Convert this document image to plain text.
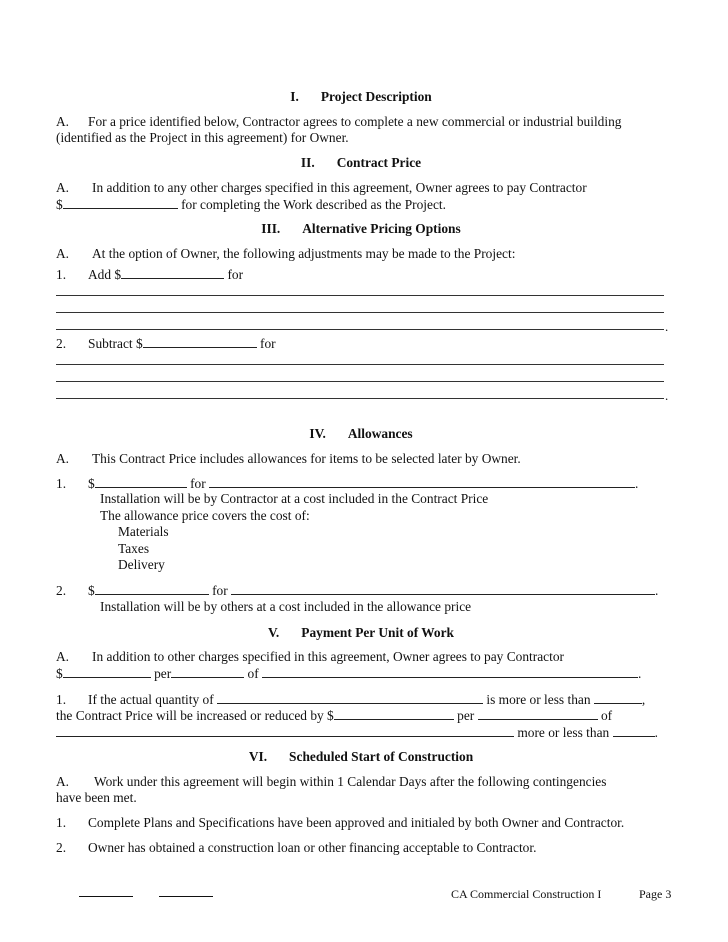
I. Project Description
A. For a price identified below, Contractor agrees to complete a new commercial or industrial building
(identified as the Project in this agreement) for Owner.
II. Contract Price
A. In addition to any other charges specified in this agreement, Owner agrees to pay Contractor
$	for completing the Work described as the Project.
III. Alternative Pricing Options
A. At the option of Owner, the following adjustments may be made to the Project:
1. Add $	for
.
2. Subtract $	for
.
IV. Allowances
A. This Contract Price includes allowances for items to be selected later by Owner.
1. $	for	.
Installation will be by Contractor at a cost included in the Contract Price
The allowance price covers the cost of:
Materials
Taxes
Delivery
2. $	for	.
Installation will be by others at a cost included in the allowance price
V. Payment Per Unit of Work
A. In addition to other charges specified in this agreement, Owner agrees to pay Contractor
$	per	of	.
1. If the actual quantity of	is more or less than	,
the Contract Price will be increased or reduced by $	per	of
more or less than	.
VI. Scheduled Start of Construction
A. Work under this agreement will begin within 1 Calendar Days after the following contingencies
have been met.
1. Complete Plans and Specifications have been approved and initialed by both Owner and Contractor.
2. Owner has obtained a construction loan or other financing acceptable to Contractor.
CA Commercial Construction I	Page 3
